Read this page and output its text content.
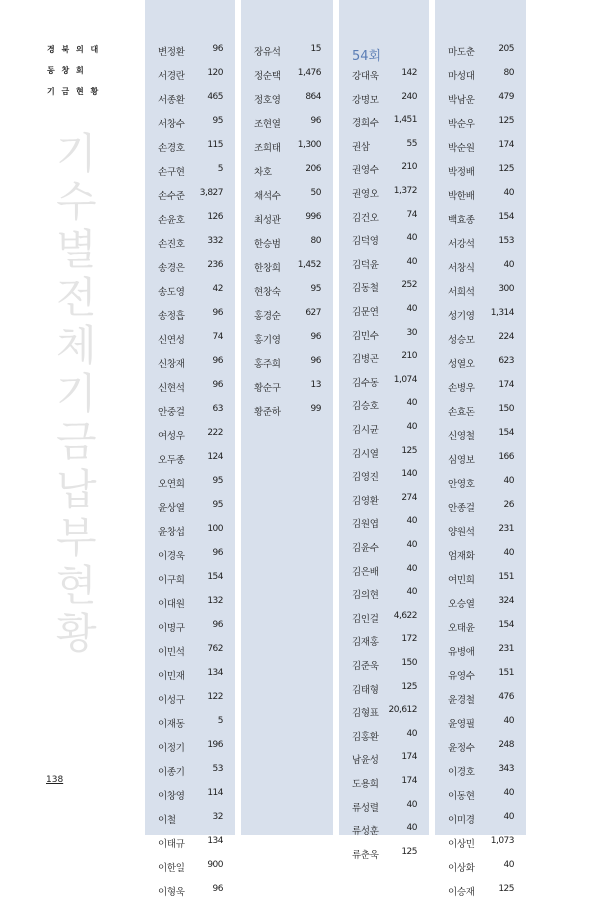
경 북 의 대
동 창 회
기 금 현 황
기
수
별
전
체
기
금
납
부
현
황
변정환	96
서경란	120
서종환	465
서창수	95
손경호	115
손구현	5
손수준 3,827
손윤호	126
손진호	332
송경은	236
송도영	42
송정흡	96
신연성	74
신창재	96
신현석	96
안중걸	63
여성우	222
오두종	124
오연희	95
윤상열	95
윤창섭	100
이경욱	96
이구희	154
이대원	132
이명구	96
이민석	762
이민재	134
이성구	122
이재동	5
이정기	196
이종기	53
이창영	114
이철	32
이태규	134
이한일	900
이형욱	96
장유석	15
정순택 1,476
정호영	864
조현열	96
조희태 1,300
차호	206
채석수	50
최성관	996
한승범	80
한창희 1,452
현창숙	95
홍경순	627
홍기영	96
홍주희	96
황순구	13
황준하	99
54회
강대욱	142
강명모	240
경희수 1,451
권삼	55
권영수	210
권영오 1,372
김건오	74
김덕영	40
김덕윤	40
김동철	252
김문연	40
김민수	30
김병곤	210
김수동 1,074
김승호	40
김시균	40
김시열	125
김영진	140
김영환	274
김원엽	40
김윤수	40
김은배	40
김의현	40
김인걸 4,622
김재홍	172
김준욱	150
김태형	125
김형표 20,612
김홍환	40
남윤성	174
도용희	174
류성렬	40
류성훈	40
류춘욱	125
마도춘	205
마성대	80
박남운	479
박순우	125
박순원	174
박정배	125
박한배	40
백효종	154
서강석	153
서창식	40
서희석	300
성기영 1,314
성승모	224
성열오	623
손병우	174
손효돈	150
신영철	154
심영보	166
안영호	40
안종걸	26
양원석	231
엄재화	40
여민희	151
오승열	324
오태윤	154
유병애	231
유영수	151
윤경철	476
윤영필	40
윤정수	248
이경호	343
이동현	40
이미경	40
이상민 1,073
이상화	40
이승재	125
138
